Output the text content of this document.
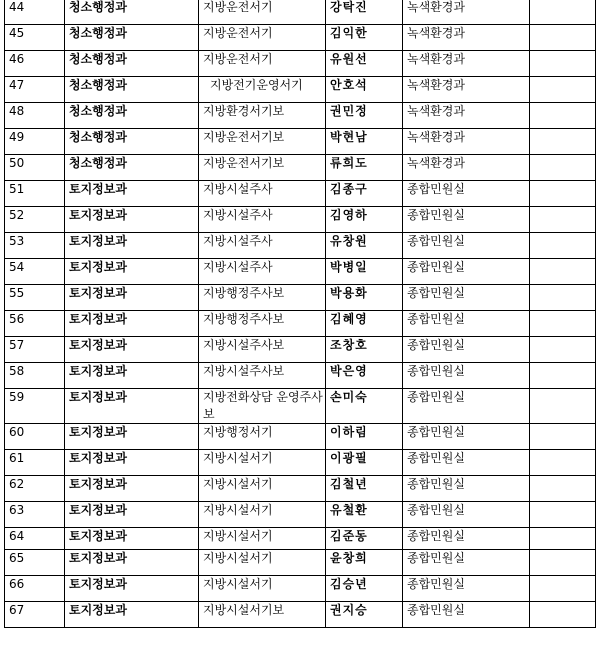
44	청소행정과	지방운전서기	강탁진	녹색환경과	
45	청소행정과	지방운전서기	김익한	녹색환경과	
46	청소행정과	지방운전서기	유원선	녹색환경과	
47	청소행정과	지방전기운영서기	안호석	녹색환경과	
48	청소행정과	지방환경서기보	권민정	녹색환경과	
49	청소행정과	지방운전서기보	박현남	녹색환경과	
50	청소행정과	지방운전서기보	류희도	녹색환경과	
51	토지정보과	지방시설주사	김종구	종합민원실	
52	토지정보과	지방시설주사	김영하	종합민원실	
53	토지정보과	지방시설주사	유창원	종합민원실	
54	토지정보과	지방시설주사	박병일	종합민원실	
55	토지정보과	지방행정주사보	박용화	종합민원실	
56	토지정보과	지방행정주사보	김혜영	종합민원실	
57	토지정보과	지방시설주사보	조창호	종합민원실	
58	토지정보과	지방시설주사보	박은영	종합민원실	
59	토지정보과	지방전화상담 운영주사보	손미숙	종합민원실	
60	토지정보과	지방행정서기	이하림	종합민원실	
61	토지정보과	지방시설서기	이광필	종합민원실	
62	토지정보과	지방시설서기	김철년	종합민원실	
63	토지정보과	지방시설서기	유철환	종합민원실	
64	토지정보과	지방시설서기	김준동	종합민원실	
65	토지정보과	지방시설서기	윤창희	종합민원실	
66	토지정보과	지방시설서기	김승년	종합민원실	
67	토지정보과	지방시설서기보	권지승	종합민원실	
